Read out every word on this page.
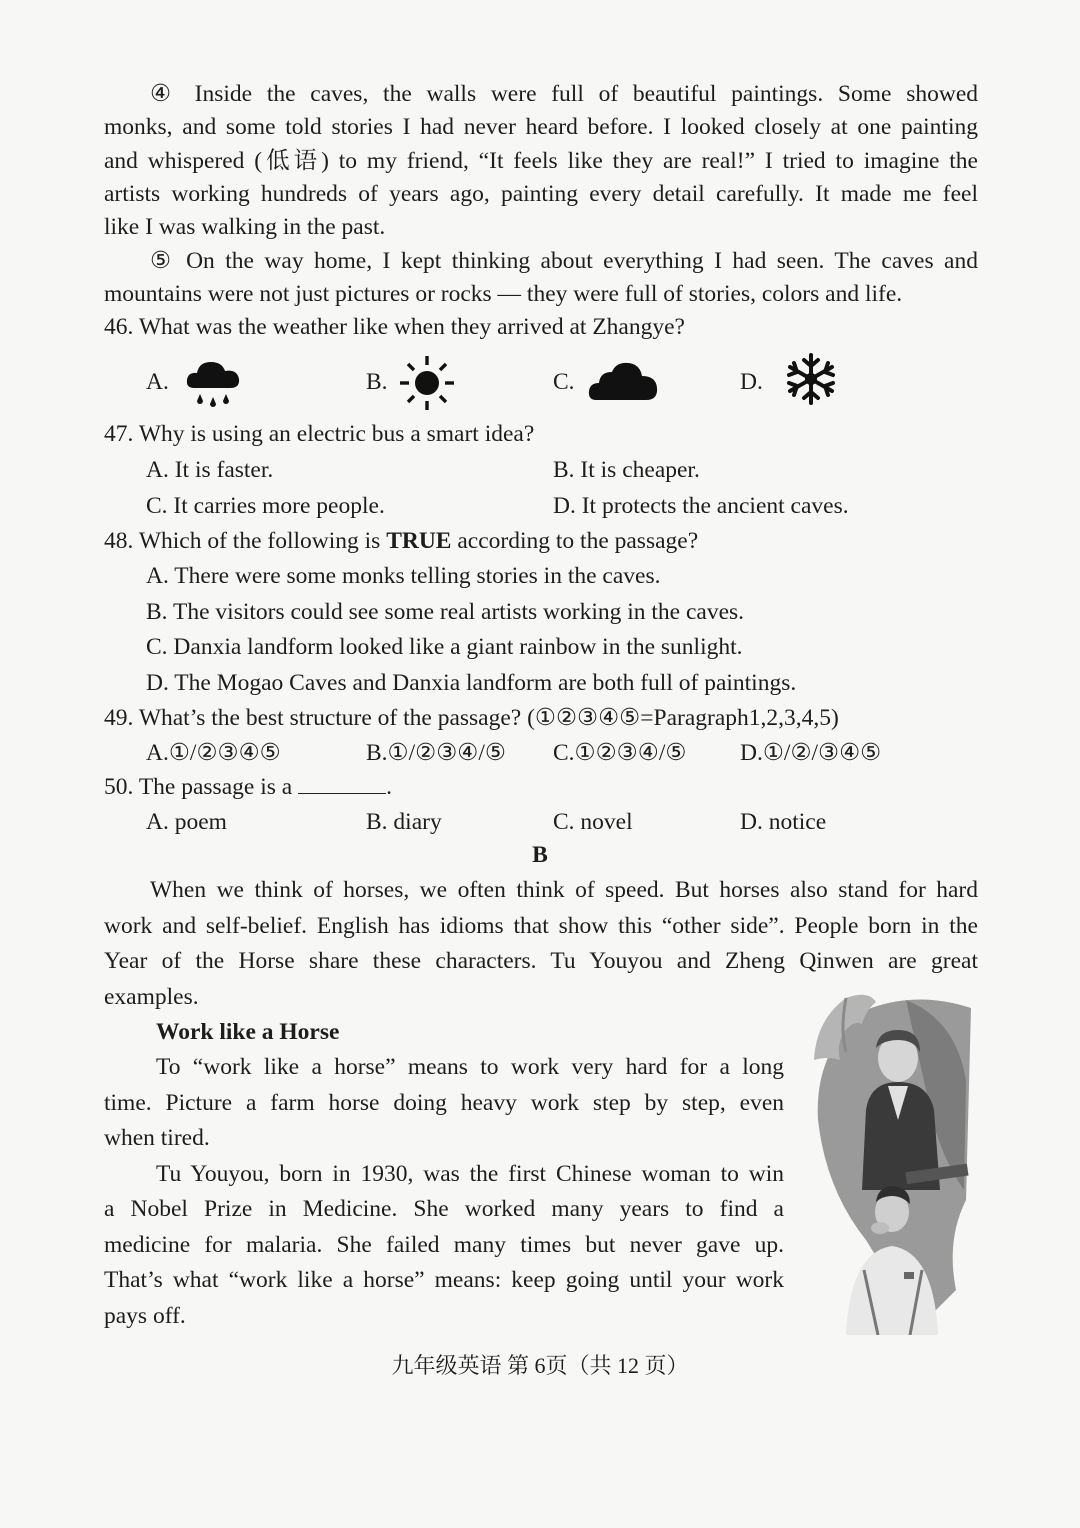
④ Inside the caves, the walls were full of beautiful paintings. Some showed
monks, and some told stories I had never heard before. I looked closely at one painting
and whispered (低语) to my friend, “It feels like they are real!” I tried to imagine the
artists working hundreds of years ago, painting every detail carefully. It made me feel
like I was walking in the past.
⑤ On the way home, I kept thinking about everything I had seen. The caves and
mountains were not just pictures or rocks — they were full of stories, colors and life.
46. What was the weather like when they arrived at Zhangye?
A.	B.	C.	D.
47. Why is using an electric bus a smart idea?
A. It is faster.	B. It is cheaper.
C. It carries more people.	D. It protects the ancient caves.
48. Which of the following is TRUE according to the passage?
A. There were some monks telling stories in the caves.
B. The visitors could see some real artists working in the caves.
C. Danxia landform looked like a giant rainbow in the sunlight.
D. The Mogao Caves and Danxia landform are both full of paintings.
49. What’s the best structure of the passage? (①②③④⑤=Paragraph1,2,3,4,5)
A.①/②③④⑤	B.①/②③④/⑤ C.①②③④/⑤ D.①/②/③④⑤
50. The passage is a	.
A. poem	B. diary	C. novel	D. notice
B
When we think of horses, we often think of speed. But horses also stand for hard
work and self-belief. English has idioms that show this “other side”. People born in the
Year of the Horse share these characters. Tu Youyou and Zheng Qinwen are great
examples.
Work like a Horse
To “work like a horse” means to work very hard for a long
time. Picture a farm horse doing heavy work step by step, even
when tired.
Tu Youyou, born in 1930, was the first Chinese woman to win
a Nobel Prize in Medicine. She worked many years to find a
medicine for malaria. She failed many times but never gave up.
That’s what “work like a horse” means: keep going until your work
pays off.
九年级英语 第 6页（共 12 页）
